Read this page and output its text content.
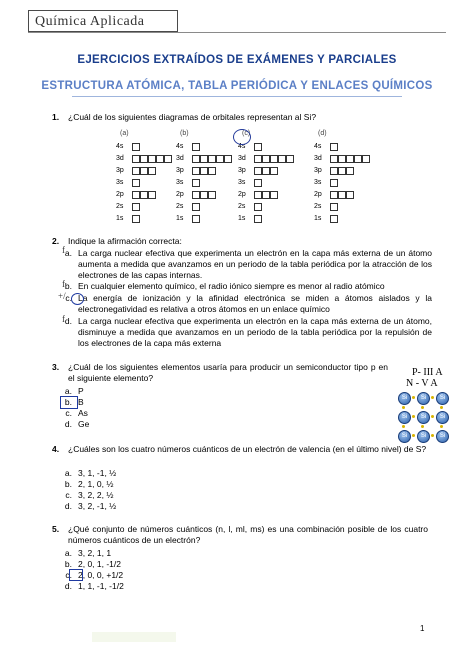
Química Aplicada
EJERCICIOS EXTRAÍDOS DE EXÁMENES Y PARCIALES
ESTRUCTURA ATÓMICA, TABLA PERIÓDICA Y ENLACES QUÍMICOS
1. ¿Cuál de los siguientes diagramas de orbitales representan al Si?
(a)
4s
3d
3p
3s
2p
2s
1s
(b)
4s
3d
3p
3s
2p
2s
1s
(c)
4s
3d
3p
3s
2p
2s
1s
(d)
4s
3d
3p
3s
2p
2s
1s
2. Indique la afirmación correcta:
f
f
+/
f
a. La carga nuclear efectiva que experimenta un electrón en la capa más externa de un átomo aumenta a medida que avanzamos en un periodo de la tabla periódica por la atracción de los electrones de las capas internas.
b. En cualquier elemento químico, el radio iónico siempre es menor al radio atómico
c. La energía de ionización y la afinidad electrónica se miden a átomos aislados y la electronegatividad es relativa a otros átomos en un enlace químico
d. La carga nuclear efectiva que experimenta un electrón en la capa más externa de un átomo, disminuye a medida que avanzamos en un periodo de la tabla periódica por la repulsión de los electrones de la capa más externa
3. ¿Cuál de los siguientes elementos usaría para producir un semiconductor tipo p en el siguiente elemento?
a. P
b. B
c. As
d. Ge
P- III A
N - V A
Si	Si	Si
Si	Si	Si
Si	Si	Si
4. ¿Cuáles son los cuatro números cuánticos de un electrón de valencia (en el último nivel) de S?
a. 3, 1, -1, ½
b. 2, 1, 0, ½
c. 3, 2, 2, ½
d. 3, 2, -1, ½
5. ¿Qué conjunto de números cuánticos (n, l, ml, ms) es una combinación posible de los cuatro números cuánticos de un electrón?
a. 3, 2, 1, 1
b. 2, 0, 1, -1/2
c. 2, 0, 0, +1/2
d. 1, 1, -1, -1/2
1
